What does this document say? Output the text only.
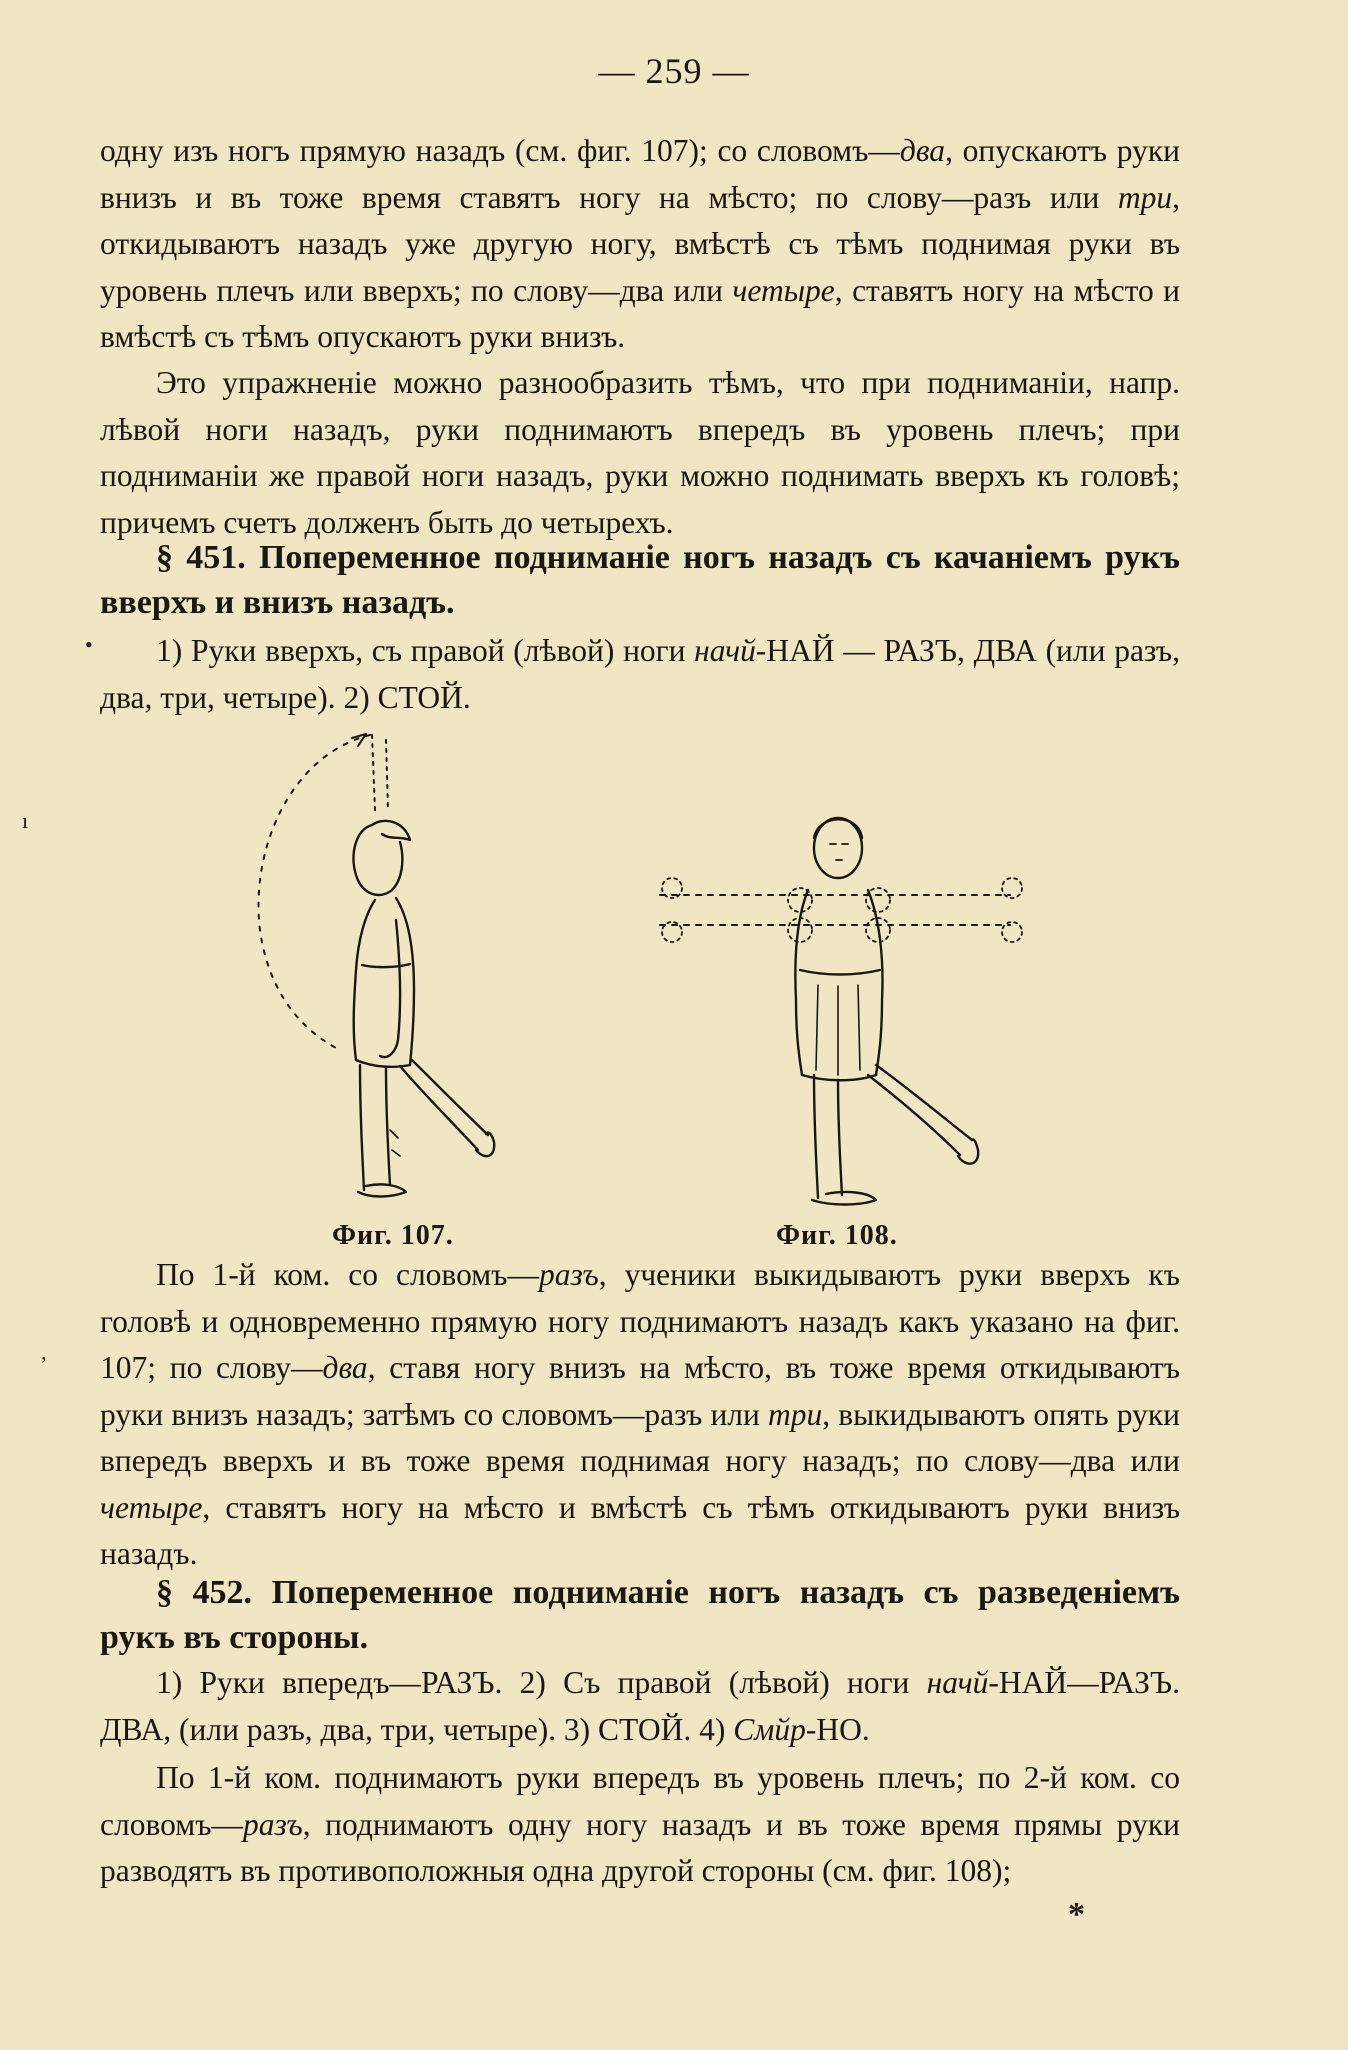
— 259 —

одну изъ ногъ прямую назадъ (см. фиг. 107); со словомъ—два, опускаютъ руки внизъ и въ тоже время ставятъ ногу на мѣсто; по слову—разъ или три, откидываютъ назадъ уже другую ногу, вмѣстѣ съ тѣмъ поднимая руки въ уровень плечъ или вверхъ; по слову—два или четыре, ставятъ ногу на мѣсто и вмѣстѣ съ тѣмъ опускаютъ руки внизъ.

Это упражненіе можно разнообразить тѣмъ, что при подниманіи, напр. лѣвой ноги назадъ, руки поднимаютъ впередъ въ уровень плечъ; при подниманіи же правой ноги назадъ, руки можно поднимать вверхъ къ головѣ; причемъ счетъ долженъ быть до четырехъ.

§ 451. Попеременное подниманіе ногъ назадъ съ качаніемъ рукъ вверхъ и внизъ назадъ.

1) Руки вверхъ, съ правой (лѣвой) ноги начй-НАЙ — РАЗЪ, ДВА (или разъ, два, три, четыре). 2) СТОЙ.

•
ı
Фиг. 107.	Фиг. 108.

По 1-й ком. со словомъ—разъ, ученики выкидываютъ руки вверхъ къ головѣ и одновременно прямую ногу поднимаютъ назадъ какъ указано на фиг. 107; по слову—два, ставя ногу внизъ на мѣсто, въ тоже время откидываютъ руки внизъ назадъ; затѣмъ со словомъ—разъ или три, выкидываютъ опять руки впередъ вверхъ и въ тоже время поднимая ногу назадъ; по слову—два или четыре, ставятъ ногу на мѣсто и вмѣстѣ съ тѣмъ откидываютъ руки внизъ назадъ.

ʼ

§ 452. Попеременное подниманіе ногъ назадъ съ разведеніемъ рукъ въ стороны.

1) Руки впередъ—РАЗЪ. 2) Съ правой (лѣвой) ноги начй-НАЙ—РАЗЪ. ДВА, (или разъ, два, три, четыре). 3) СТОЙ. 4) Смйр-НО.

По 1-й ком. поднимаютъ руки впередъ въ уровень плечъ; по 2-й ком. со словомъ—разъ, поднимаютъ одну ногу назадъ и въ тоже время прямы руки разводятъ въ противоположныя одна другой стороны (см. фиг. 108);

*
